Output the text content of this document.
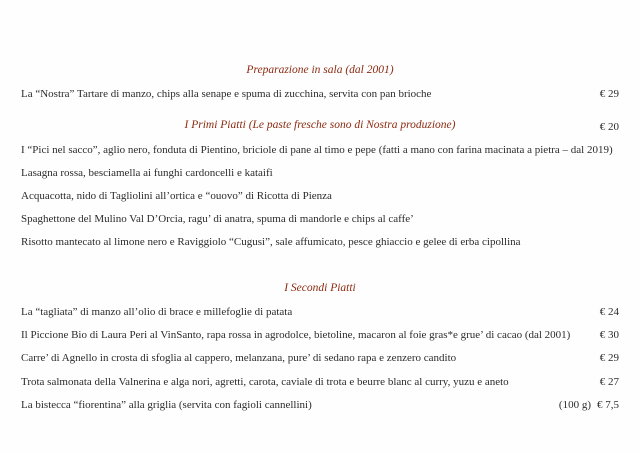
Preparazione in sala (dal 2001)
La “Nostra” Tartare di manzo, chips alla senape e spuma di zucchina, servita con pan brioche	€ 29
I Primi Piatti (Le paste fresche sono di Nostra produzione)	€ 20
I “Pici nel sacco”, aglio nero, fonduta di Pientino, briciole di pane al timo e pepe (fatti a mano con farina macinata a pietra – dal 2019)
Lasagna rossa, besciamella ai funghi cardoncelli e kataifi
Acquacotta, nido di Tagliolini all’ortica e “ouovo” di Ricotta di Pienza
Spaghettone del Mulino Val D’Orcia, ragu’ di anatra, spuma di mandorle e chips al caffe’
Risotto mantecato al limone nero e Raviggiolo “Cugusi”, sale affumicato, pesce ghiaccio e gelee di erba cipollina
I Secondi Piatti
La “tagliata” di manzo all’olio di brace e millefoglie di patata	€ 24
Il Piccione Bio di Laura Peri al VinSanto, rapa rossa in agrodolce, bietoline, macaron al foie gras*e grue’ di cacao (dal 2001)	€ 30
Carre’ di Agnello in crosta di sfoglia al cappero, melanzana, pure’ di sedano rapa e zenzero candito	€ 29
Trota salmonata della Valnerina e alga nori, agretti, carota, caviale di trota e beurre blanc al curry, yuzu e aneto	€ 27
La bistecca “fiorentina” alla griglia (servita con fagioli cannellini)	(100 g) € 7,5
